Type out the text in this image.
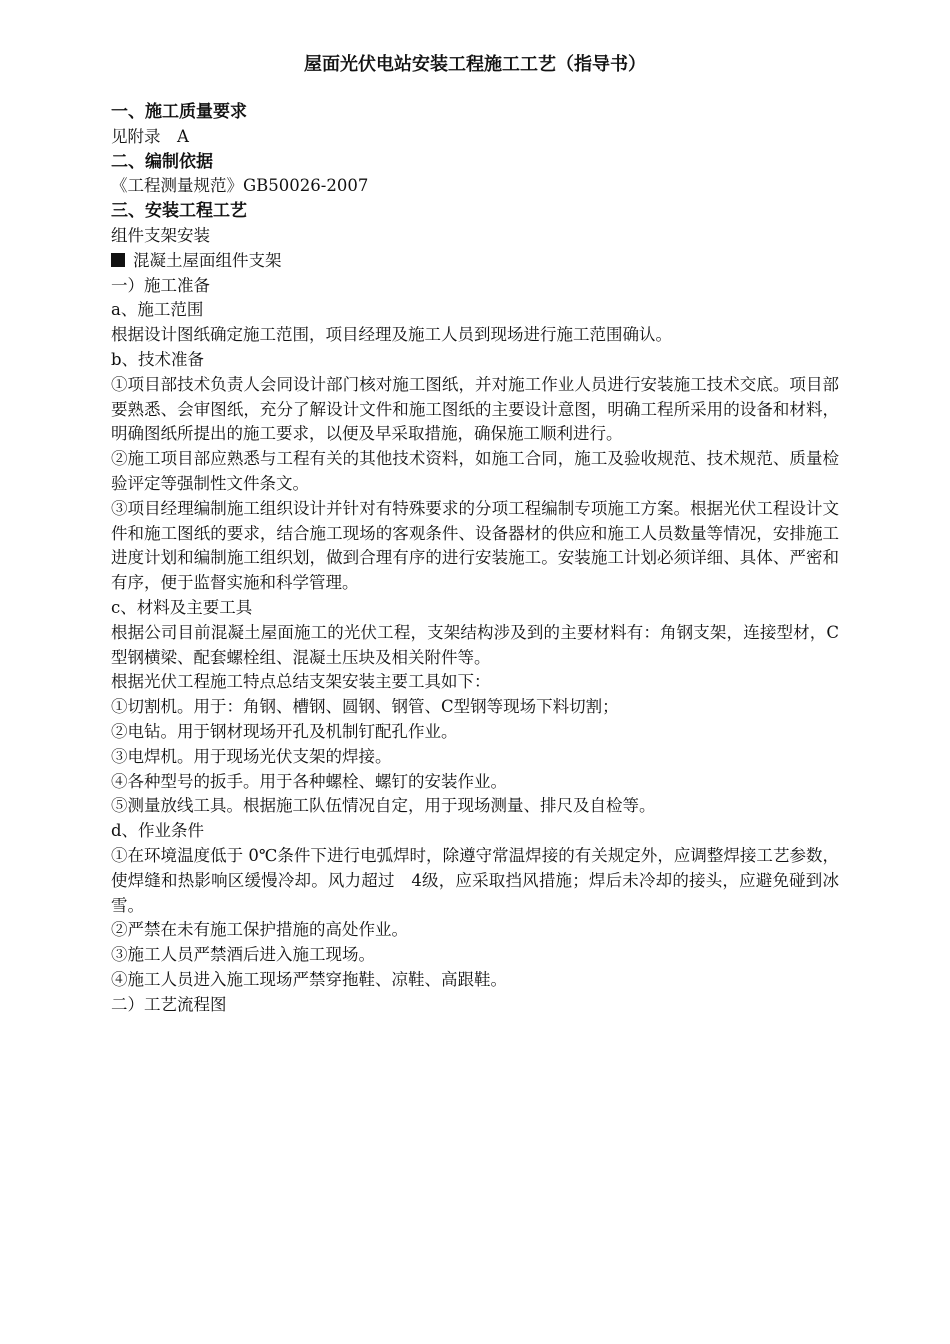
屋面光伏电站安装工程施工工艺（指导书）
一、施工质量要求
见附录　A
二、编制依据
《工程测量规范》GB50026-2007
三、安装工程工艺
组件支架安装
混凝土屋面组件支架
一）施工准备
a、施工范围
根据设计图纸确定施工范围，项目经理及施工人员到现场进行施工范围确认。
b、技术准备
①项目部技术负责人会同设计部门核对施工图纸，并对施工作业人员进行安装施工技术交底。项目部要熟悉、会审图纸，充分了解设计文件和施工图纸的主要设计意图，明确工程所采用的设备和材料，明确图纸所提出的施工要求，以便及早采取措施，确保施工顺利进行。
②施工项目部应熟悉与工程有关的其他技术资料，如施工合同，施工及验收规范、技术规范、质量检验评定等强制性文件条文。
③项目经理编制施工组织设计并针对有特殊要求的分项工程编制专项施工方案。根据光伏工程设计文件和施工图纸的要求，结合施工现场的客观条件、设备器材的供应和施工人员数量等情况，安排施工进度计划和编制施工组织划，做到合理有序的进行安装施工。安装施工计划必须详细、具体、严密和有序，便于监督实施和科学管理。
c、材料及主要工具
根据公司目前混凝土屋面施工的光伏工程，支架结构涉及到的主要材料有：角钢支架，连接型材，C型钢横梁、配套螺栓组、混凝土压块及相关附件等。
根据光伏工程施工特点总结支架安装主要工具如下：
①切割机。用于：角钢、槽钢、圆钢、钢管、C型钢等现场下料切割；
②电钻。用于钢材现场开孔及机制钉配孔作业。
③电焊机。用于现场光伏支架的焊接。
④各种型号的扳手。用于各种螺栓、螺钉的安装作业。
⑤测量放线工具。根据施工队伍情况自定，用于现场测量、排尺及自检等。
d、作业条件
①在环境温度低于 0℃条件下进行电弧焊时，除遵守常温焊接的有关规定外，应调整焊接工艺参数，使焊缝和热影响区缓慢冷却。风力超过　4级，应采取挡风措施；焊后未冷却的接头，应避免碰到冰雪。
②严禁在未有施工保护措施的高处作业。
③施工人员严禁酒后进入施工现场。
④施工人员进入施工现场严禁穿拖鞋、凉鞋、高跟鞋。
二）工艺流程图
